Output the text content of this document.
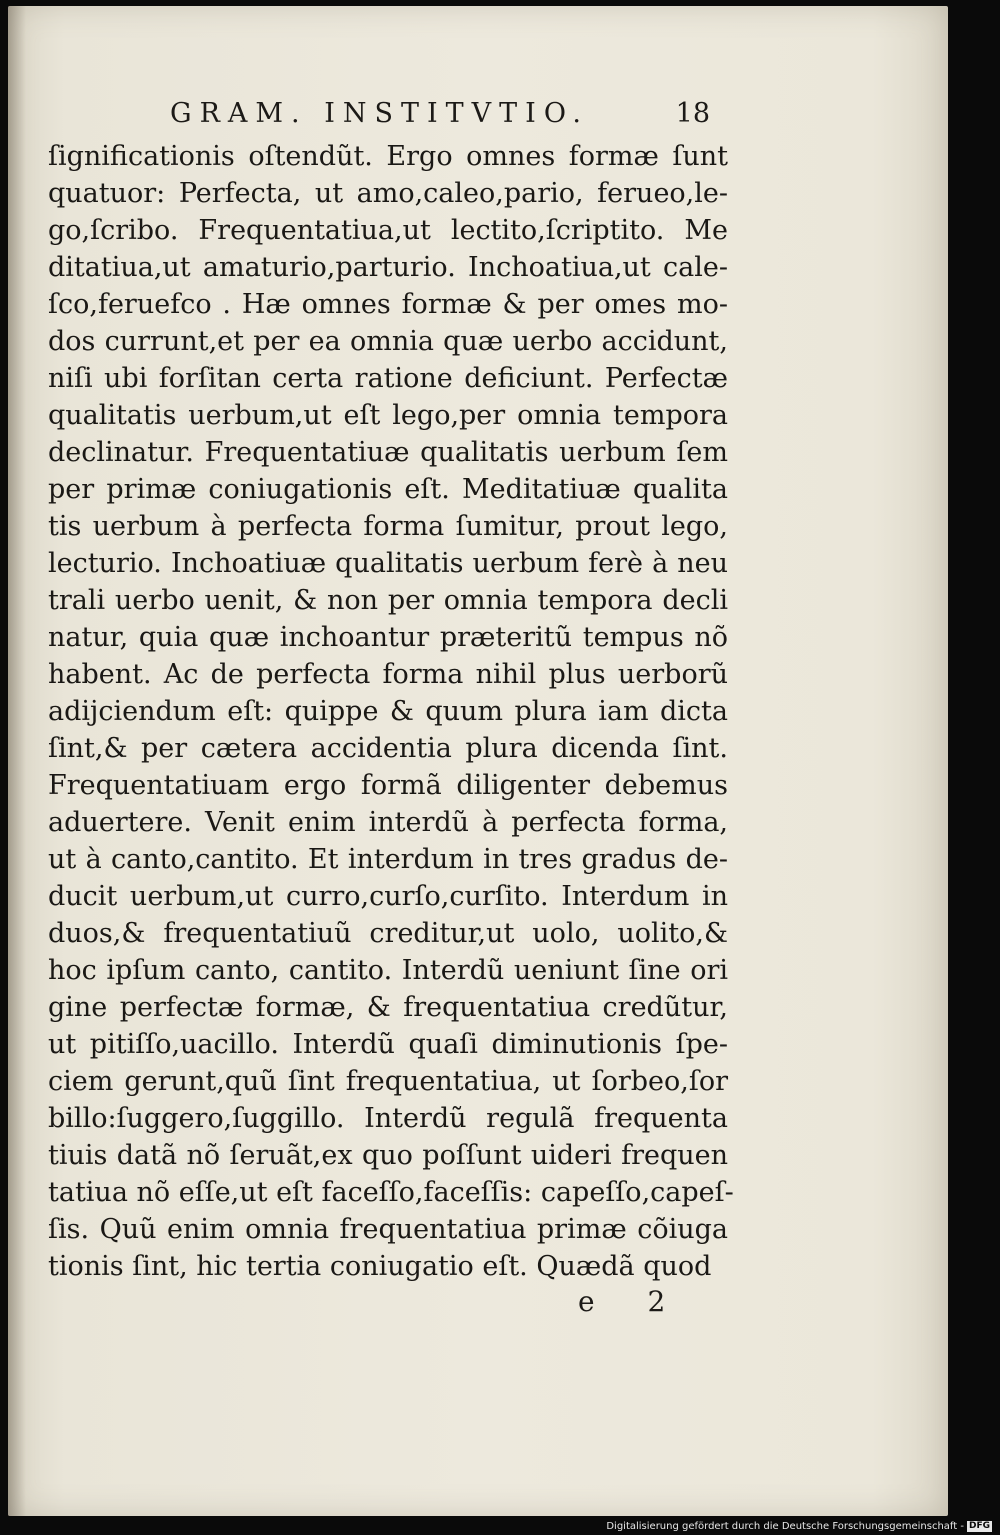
GRAM. INSTITVTIO.	18
ſignificationis oſtendũt. Ergo omnes formæ ſunt
quatuor: Perfecta, ut amo,caleo,pario, ferueo,le-
go,ſcribo. Frequentatiua,ut lectito,ſcriptito. Me
ditatiua,ut amaturio,parturio. Inchoatiua,ut cale-
ſco,feruefco . Hæ omnes formæ & per omes mo-
dos currunt,et per ea omnia quæ uerbo accidunt,
niſi ubi forſitan certa ratione deficiunt. Perfectæ
qualitatis uerbum,ut eſt lego,per omnia tempora
declinatur. Frequentatiuæ qualitatis uerbum ſem
per primæ coniugationis eſt. Meditatiuæ qualita
tis uerbum à perfecta forma ſumitur, prout lego,
lecturio. Inchoatiuæ qualitatis uerbum ferè à neu
trali uerbo uenit, & non per omnia tempora decli
natur, quia quæ inchoantur præteritũ tempus nõ
habent. Ac de perfecta forma nihil plus uerborũ
adijciendum eſt: quippe & quum plura iam dicta
ſint,& per cætera accidentia plura dicenda ſint.
Frequentatiuam ergo formã diligenter debemus
aduertere. Venit enim interdũ à perfecta forma,
ut à canto,cantito. Et interdum in tres gradus de-
ducit uerbum,ut curro,curſo,curſito. Interdum in
duos,& frequentatiuũ creditur,ut uolo, uolito,&
hoc ipſum canto, cantito. Interdũ ueniunt ſine ori
gine perfectæ formæ, & frequentatiua credũtur,
ut pitiſſo,uacillo. Interdũ quaſi diminutionis ſpe-
ciem gerunt,quũ ſint frequentatiua, ut ſorbeo,ſor
billo:ſuggero,ſuggillo. Interdũ regulã frequenta
tiuis datã nõ ſeruãt,ex quo poſſunt uideri frequen
tatiua nõ eſſe,ut eſt faceſſo,faceſſis: capeſſo,capeſ-
ſis. Quũ enim omnia frequentatiua primæ cõiuga
tionis ſint, hic tertia coniugatio eſt. Quædã quod
e 2
Digitalisierung gefördert durch die Deutsche Forschungsgemeinschaft - DFG
